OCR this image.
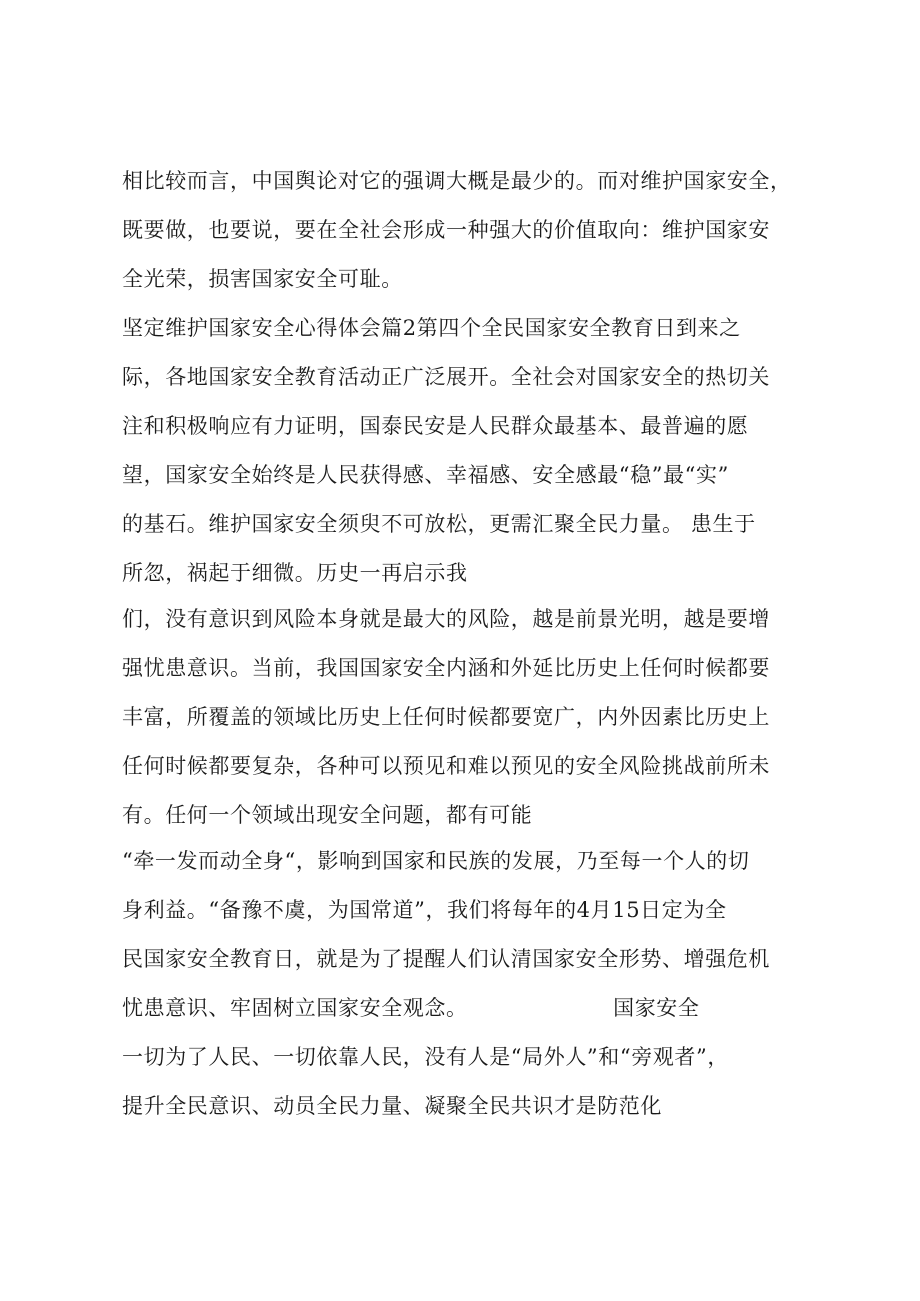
相比较而言，中国舆论对它的强调大概是最少的。而对维护国家安全，
既要做，也要说，要在全社会形成一种强大的价值取向：维护国家安
全光荣，损害国家安全可耻。
坚定维护国家安全心得体会篇2第四个全民国家安全教育日到来之
际，各地国家安全教育活动正广泛展开。全社会对国家安全的热切关
注和积极响应有力证明，国泰民安是人民群众最基本、最普遍的愿
望，国家安全始终是人民获得感、幸福感、安全感最“稳”最“实”
的基石。维护国家安全须臾不可放松，更需汇聚全民力量。 患生于
所忽，祸起于细微。历史一再启示我
们，没有意识到风险本身就是最大的风险，越是前景光明，越是要增
强忧患意识。当前，我国国家安全内涵和外延比历史上任何时候都要
丰富，所覆盖的领域比历史上任何时候都要宽广，内外因素比历史上
任何时候都要复杂，各种可以预见和难以预见的安全风险挑战前所未
有。任何一个领域出现安全问题，都有可能
“牵一发而动全身“，影响到国家和民族的发展，乃至每一个人的切
身利益。“备豫不虞，为国常道”，我们将每年的4月15日定为全
民国家安全教育日，就是为了提醒人们认清国家安全形势、增强危机
忧患意识、牢固树立国家安全观念。                    国家安全
一切为了人民、一切依靠人民，没有人是“局外人”和“旁观者”，
提升全民意识、动员全民力量、凝聚全民共识才是防范化
